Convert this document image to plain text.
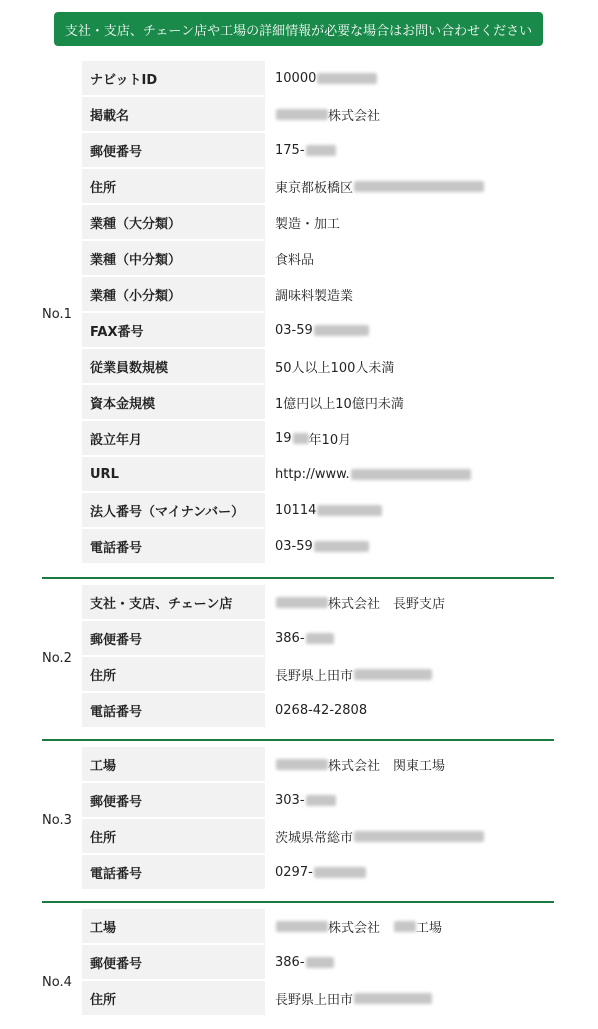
支社・支店、チェーン店や工場の詳細情報が必要な場合はお問い合わせください
No.1
ナビットID	10000
掲載名	株式会社
郵便番号	175-
住所	東京都板橋区
業種（大分類）	製造・加工
業種（中分類）	食料品
業種（小分類）	調味料製造業
FAX番号	03-59
従業員数規模	50人以上100人未満
資本金規模	1億円以上10億円未満
設立年月	19 年10月
URL	http://www.
法人番号（マイナンバー）	10114
電話番号	03-59
No.2
支社・支店、チェーン店	株式会社　長野支店
郵便番号	386-
住所	長野県上田市
電話番号	0268-42-2808
No.3
工場	株式会社　関東工場
郵便番号	303-
住所	茨城県常総市
電話番号	0297-
No.4
工場	株式会社　 工場
郵便番号	386-
住所	長野県上田市
